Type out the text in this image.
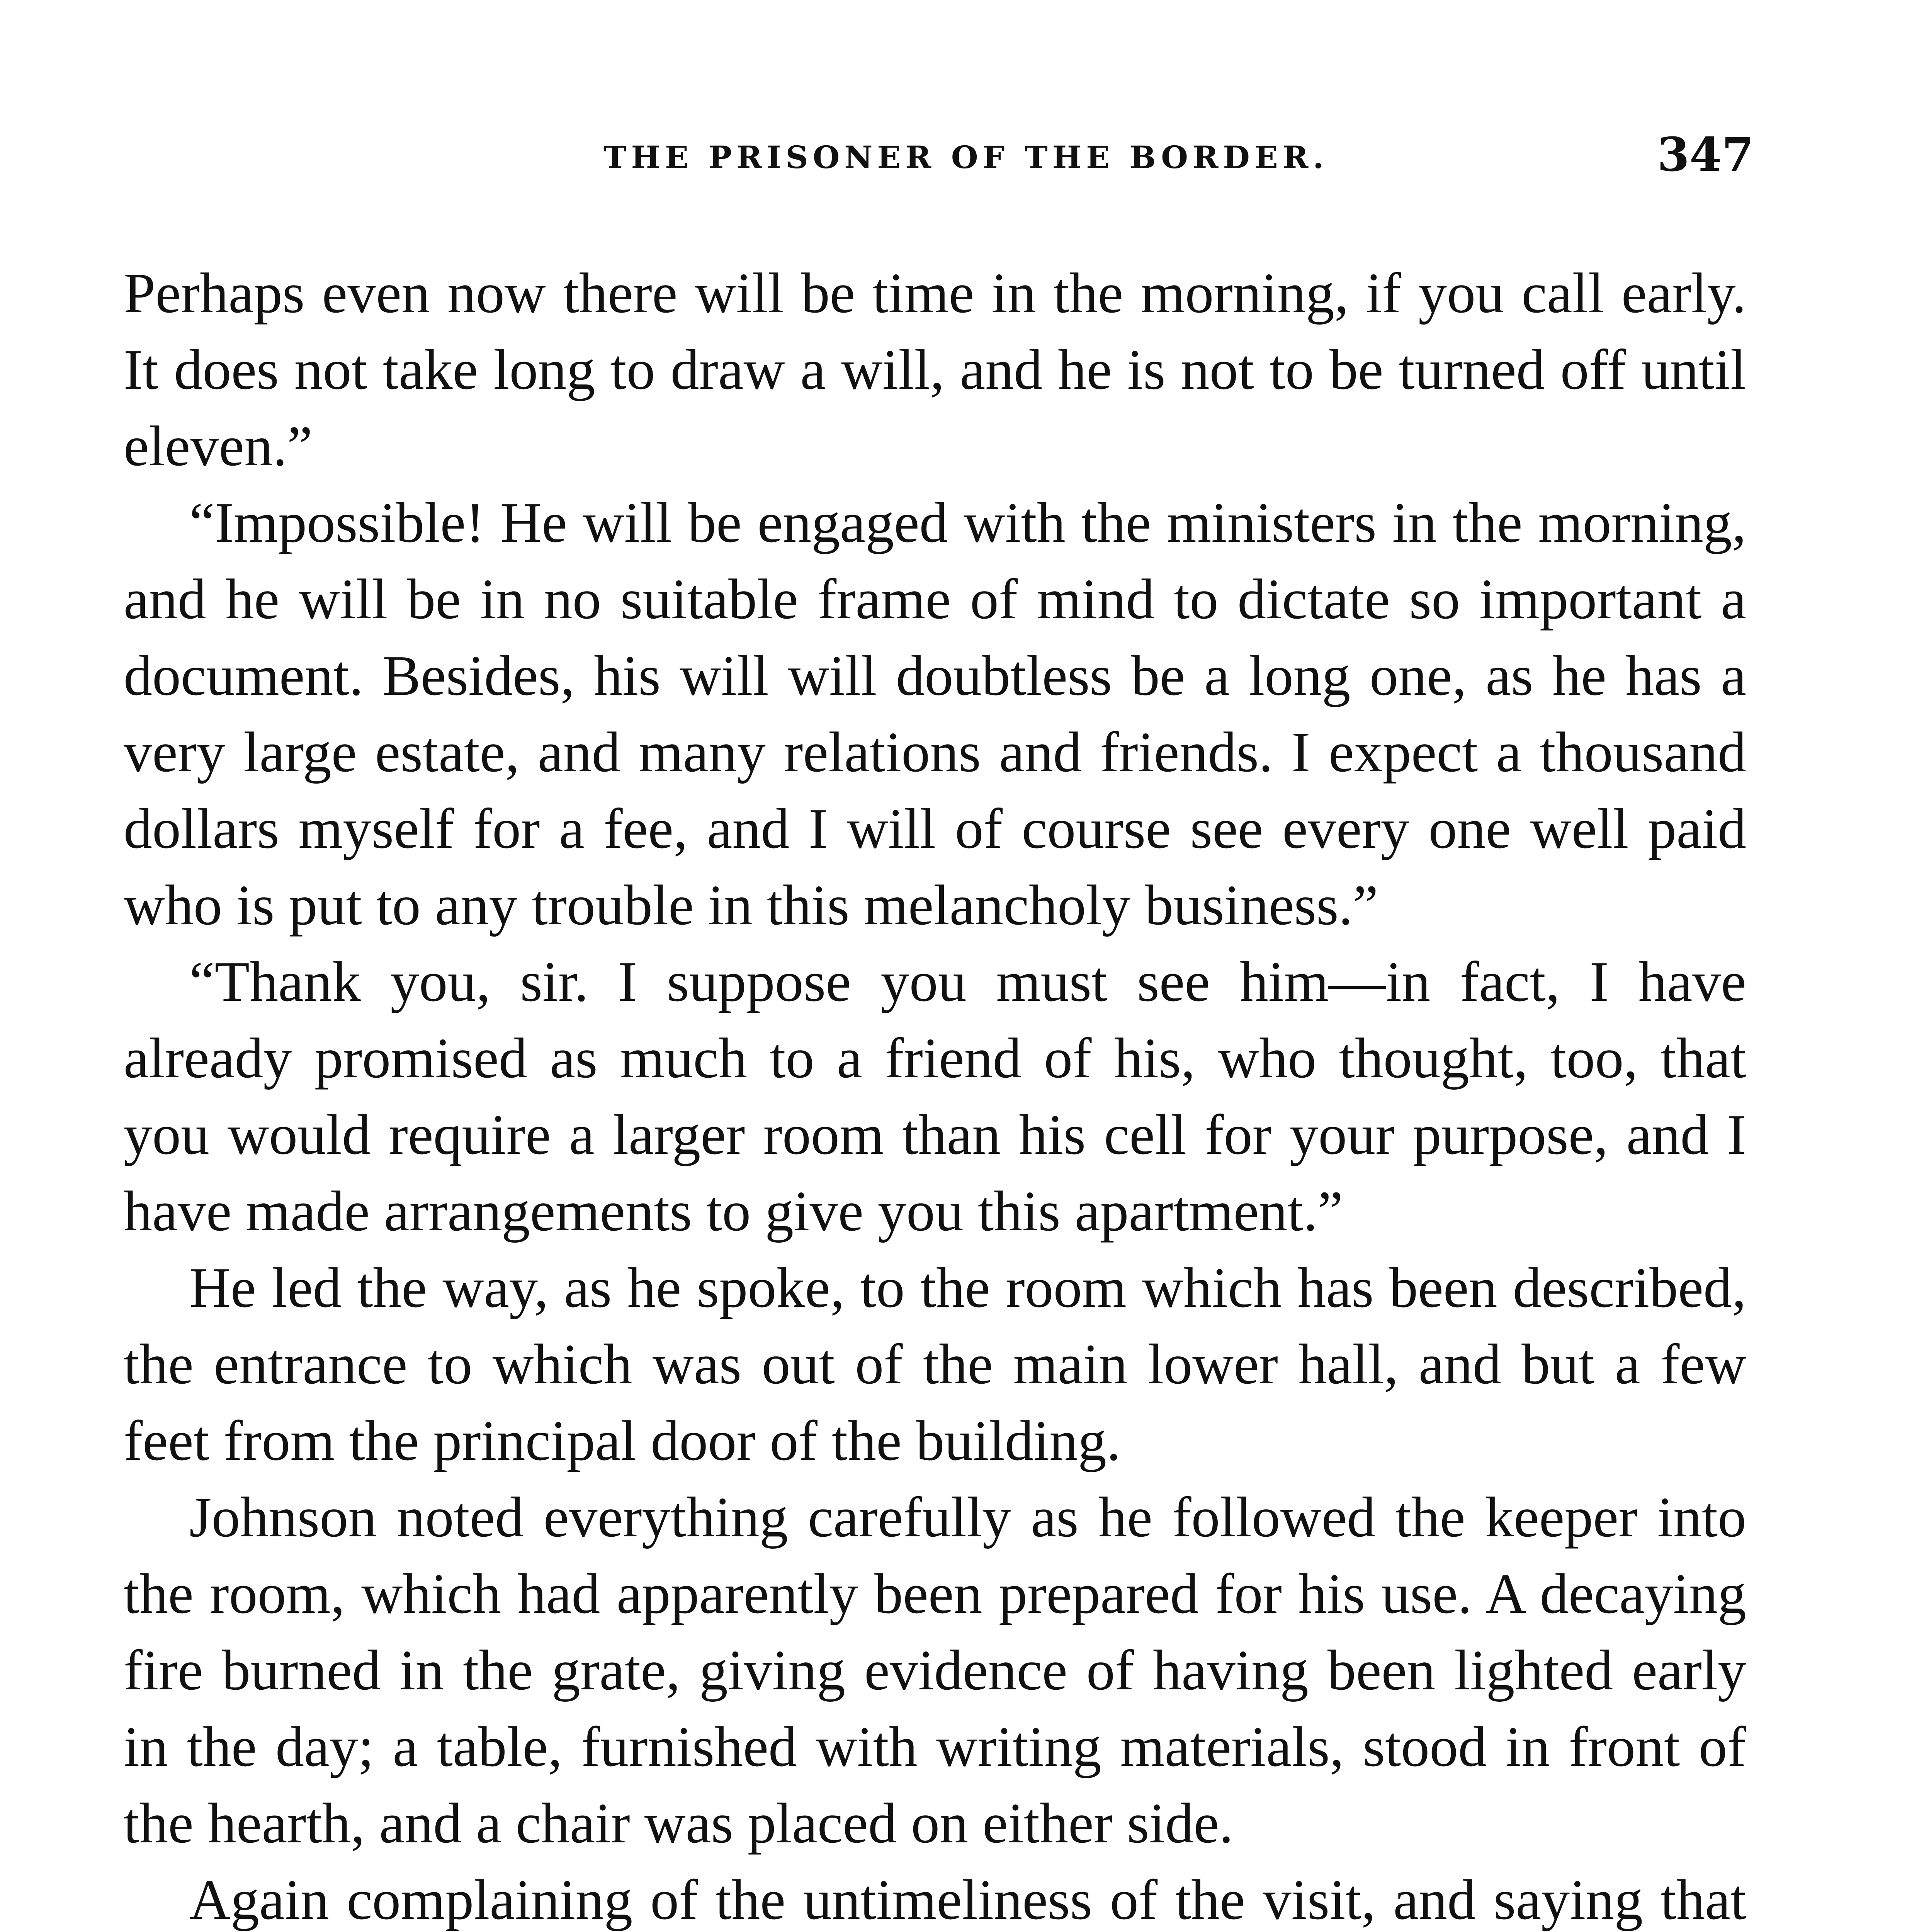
THE PRISONER OF THE BORDER.	347

Perhaps even now there will be time in the morning, if you call early. It does not take long to draw a will, and he is not to be turned off until eleven.”

“Impossible! He will be engaged with the ministers in the morning, and he will be in no suitable frame of mind to dictate so important a document. Besides, his will will doubtless be a long one, as he has a very large estate, and many relations and friends. I expect a thousand dollars myself for a fee, and I will of course see every one well paid who is put to any trouble in this melancholy business.”

“Thank you, sir. I suppose you must see him—in fact, I have already promised as much to a friend of his, who thought, too, that you would require a larger room than his cell for your purpose, and I have made arrangements to give you this apartment.”

He led the way, as he spoke, to the room which has been described, the entrance to which was out of the main lower hall, and but a few feet from the principal door of the building.

Johnson noted everything carefully as he followed the keeper into the room, which had apparently been prepared for his use. A decaying fire burned in the grate, giving evidence of having been lighted early in the day; a table, furnished with writing materials, stood in front of the hearth, and a chair was placed on either side.

Again complaining of the untimeliness of the visit, and saying that
